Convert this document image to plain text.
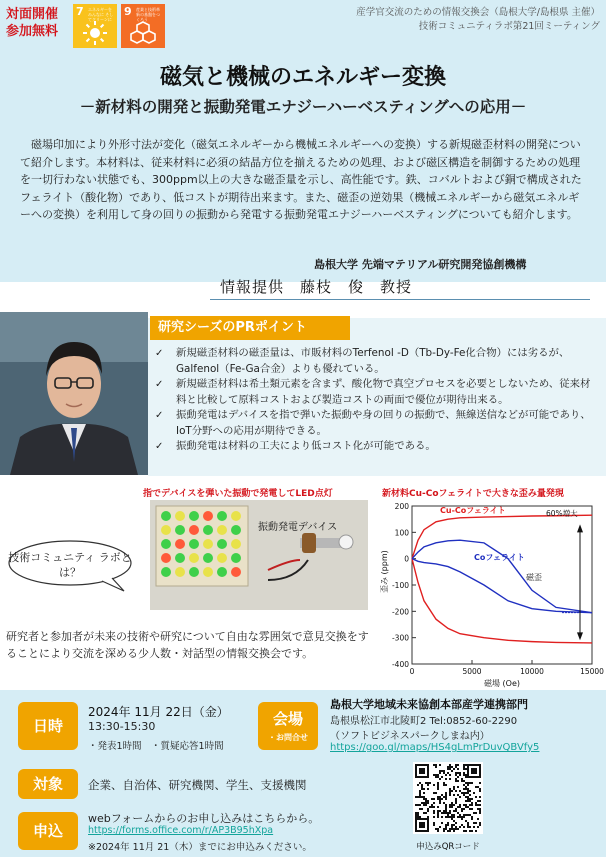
対面開催
参加無料
7 エネルギーをみんなに そしてクリーンに
9 産業と技術革新の基盤をつくろう
産学官交流のための情報交換会（島根大学/島根県 主催）
技術コミュニティラボ第21回ミーティング
磁気と機械のエネルギー変換
－新材料の開発と振動発電エナジーハーベスティングへの応用－

磁場印加により外形寸法が変化（磁気エネルギーから機械エネルギーへの変換）する新規磁歪材料の開発について紹介します。本材料は、従来材料に必須の結晶方位を揃えるための処理、および磁区構造を制御するための処理を一切行わない状態でも、300ppm以上の大きな磁歪量を示し、高性能です。鉄、コバルトおよび銅で構成されたフェライト（酸化物）であり、低コストが期待出来ます。また、磁歪の逆効果（機械エネルギーから磁気エネルギーへの変換）を利用して身の回りの振動から発電する振動発電エナジーハーベスティングについても紹介します。

島根大学 先端マテリアル研究開発協創機構
情報提供　藤枝　俊　教授
研究シーズのPRポイント
✓ 新規磁歪材料の磁歪量は、市販材料のTerfenol -D（Tb-Dy-Fe化合物）には劣るが、Galfenol（Fe-Ga合金）よりも優れている。
✓ 新規磁歪材料は希土類元素を含まず、酸化物で真空プロセスを必要としないため、従来材料と比較して原料コストおよび製造コストの両面で優位が期待出来る。
✓ 振動発電はデバイスを指で弾いた振動や身の回りの振動で、無線送信などが可能であり、IoT分野への応用が期待できる。
✓ 振動発電は材料の工夫により低コスト化が可能である。
指でデバイスを弾いた振動で発電してLED点灯	新材料Cu-Coフェライトで大きな歪み量発現
振動発電デバイス
技術コミュニティ ラボとは？

研究者と参加者が未来の技術や研究について自由な雰囲気で意見交換をすることにより交流を深める少人数・対話型の情報交換会です。

200
100
0
-100
-200
-300
-400
0	5000	10000	15000
歪み (ppm)
磁場 (Oe)
Cu-Coフェライト
Coフェライト
60%増大
磁歪
日時
2024年 11月 22日（金）
13:30-15:30
・発表1時間　・質疑応答1時間
会場
・お問合せ
島根大学地域未来協創本部産学連携部門
島根県松江市北陵町2 Tel:0852-60-2290
（ソフトビジネスパークしまね内）
https://goo.gl/maps/HS4gLmPrDuvQBVfy5
対象	企業、自治体、研究機関、学生、支援機関
申込
webフォームからのお申し込みはこちらから。
https://forms.office.com/r/AP3B95hXpa
※2024年 11月 21（木）までにお申込みください。	申込みQRコード
